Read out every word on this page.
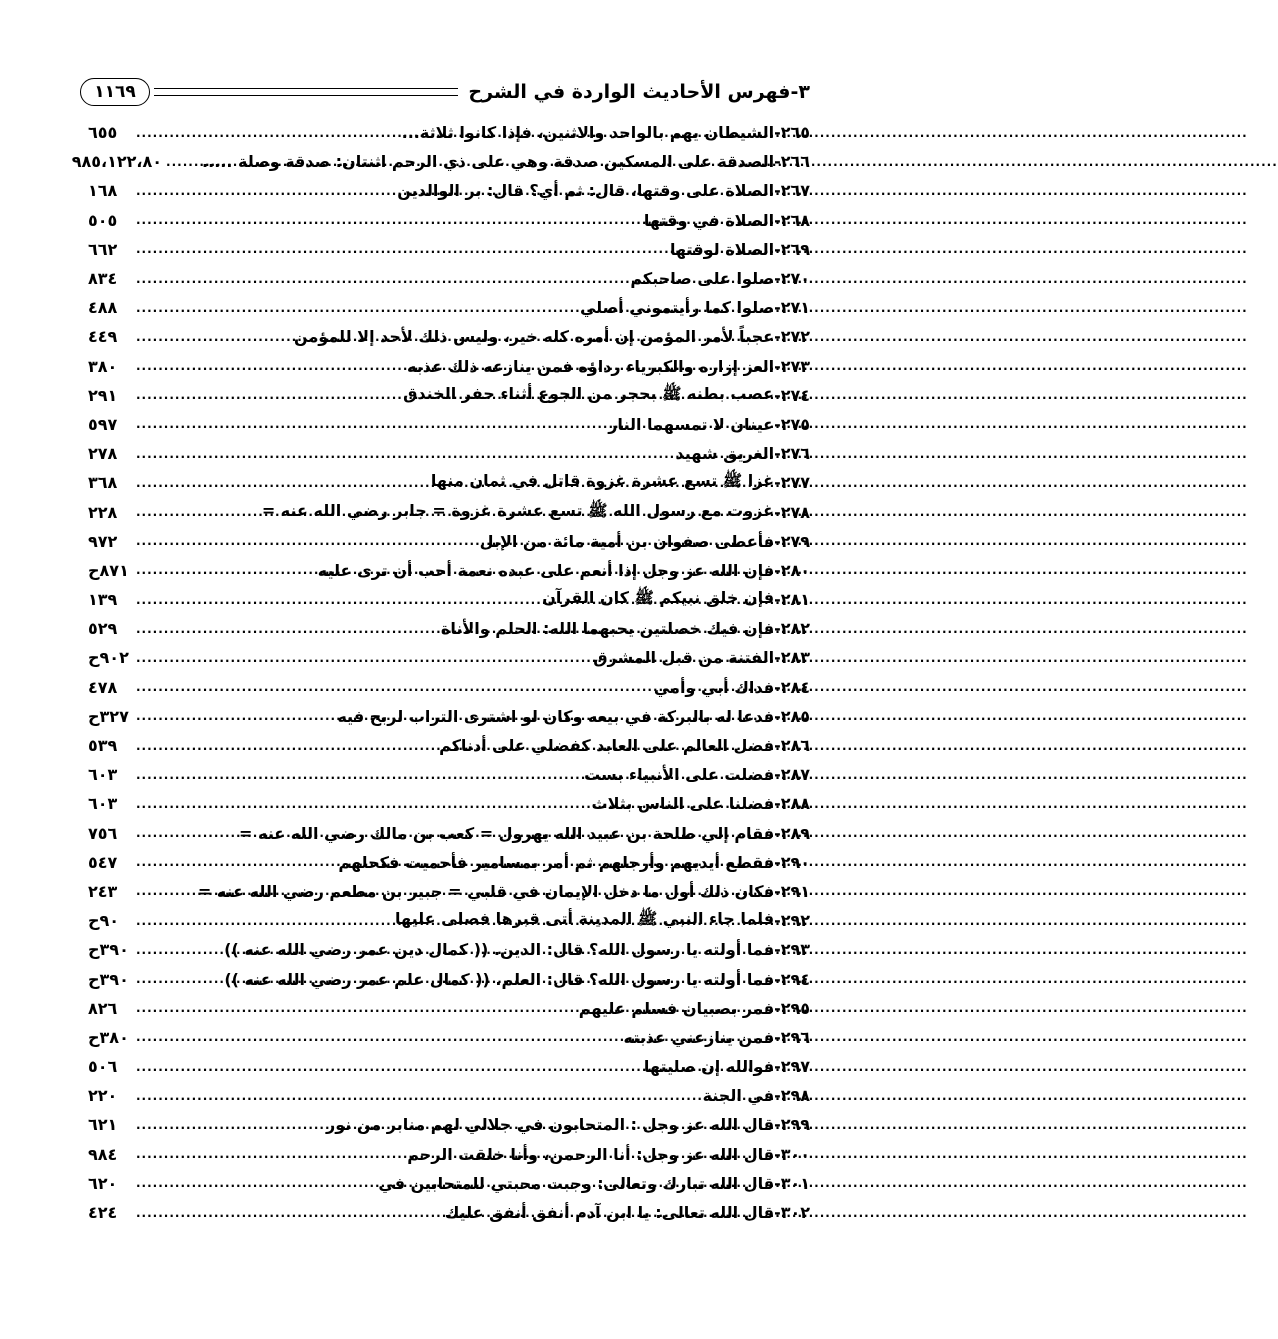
٣-فهرس الأحاديث الواردة في الشرح
١١٦٩
٢٦٥
-
الشيطان يهم بالواحد والاثنين، فإذا كانوا ثلاثة...
.....
٦٥٥
٢٦٦
-
الصدقة على المسكين صدقة وهي على ذي الرحم اثنتان: صدقة وصلة .....
.....
٩٨٥،١٢٢،٨٠
٢٦٧
-
الصلاة على وقتها، قال: ثم أي؟ قال: بر الوالدين
.....
١٦٨
٢٦٨
-
الصلاة في وقتها
.....
٥٠٥
٢٦٩
-
الصلاة لوقتها
.....
٦٦٢
٢٧٠
-
صلوا على صاحبكم
.....
٨٣٤
٢٧١
-
صلوا كما رأيتموني أصلي
.....
٤٨٨
٢٧٢
-
عجباً لأمر المؤمن إن أمره كله خير، وليس ذلك لأحد إلا للمؤمن
.....
٤٤٩
٢٧٣
-
العز إزاره والكبرياء رداؤه فمن ينازعه ذلك عذبه
.....
٣٨٠
٢٧٤
-
عصب بطنه ﷺ بحجر من الجوع أثناء حفر الخندق
.....
٢٩١
٢٧٥
-
عينان لا تمسهما النار
.....
٥٩٧
٢٧٦
-
الغريق شهيد
.....
٢٧٨
٢٧٧
-
غزا ﷺ تسع عشرة غزوة قاتل في ثمان منها
.....
٣٦٨
٢٧٨
-
غزوت مع رسول الله ﷺ تسع عشرة غزوة = جابر رضي الله عنه =
.....
٢٢٨
٢٧٩
-
فأعطى صفوان بن أمية مائة من الإبل
.....
٩٧٢
٢٨٠
-
فإن الله عز وجل إذا أنعم على عبده نعمة أحب أن ترى عليه
.....
٨٧١ح
٢٨١
-
فإن خلق نبيكم ﷺ كان القرآن
.....
١٣٩
٢٨٢
-
فإن فيك خصلتين يحبهما الله: الحلم والأناة
.....
٥٢٩
٢٨٣
-
الفتنة من قبل المشرق
.....
٩٠٢ح
٢٨٤
-
فداك أبي وأمي
.....
٤٧٨
٢٨٥
-
فدعا له بالبركة في بيعه وكان لو اشترى التراب لربح فيه
.....
٣٢٧ح
٢٨٦
-
فضل العالم على العابد كفضلي على أدناكم
.....
٥٣٩
٢٨٧
-
فضلت على الأنبياء بست
.....
٦٠٣
٢٨٨
-
فضلنا على الناس بثلاث
.....
٦٠٣
٢٨٩
-
فقام إلي طلحة بن عبيد الله يهرول = كعب بن مالك رضي الله عنه =
.....
٧٥٦
٢٩٠
-
فقطع أيديهم وأرجلهم ثم أمر بمسامير فأحميت فكحلهم
.....
٥٤٧
٢٩١
-
فكان ذلك أول ما دخل الإيمان في قلبي = جبير بن مطعم رضي الله عنه =
.....
٢٤٣
٢٩٢
-
فلما جاء النبي ﷺ المدينة أتى قبرها فصلى عليها
.....
٩٠ح
٢٩٣
-
فما أولته يا رسول الله؟ قال: الدين. (( كمال دين عمر رضي الله عنه ))
.....
٣٩٠ح
٢٩٤
-
فما أولته يا رسول الله؟ قال: العلم. (( كمال علم عمر رضي الله عنه ))
.....
٣٩٠ح
٢٩٥
-
فمر بصبيان فسلم عليهم
.....
٨٢٦
٢٩٦
-
فمن ينازعني عذبته
.....
٣٨٠ح
٢٩٧
-
فوالله إن صليتها
.....
٥٠٦
٢٩٨
-
في الجنة
.....
٢٢٠
٢٩٩
-
قال الله عز وجل : المتحابون في جلالي لهم منابر من نور
.....
٦٢١
٣٠٠
-
قال الله عز وجل: أنا الرحمن، وأنا خلقت الرحم
.....
٩٨٤
٣٠١
-
قال الله تبارك وتعالى: وجبت محبتي للمتحابين في
.....
٦٢٠
٣٠٢
-
قال الله تعالى: يا ابن آدم أنفق أنفق عليك
.....
٤٢٤
